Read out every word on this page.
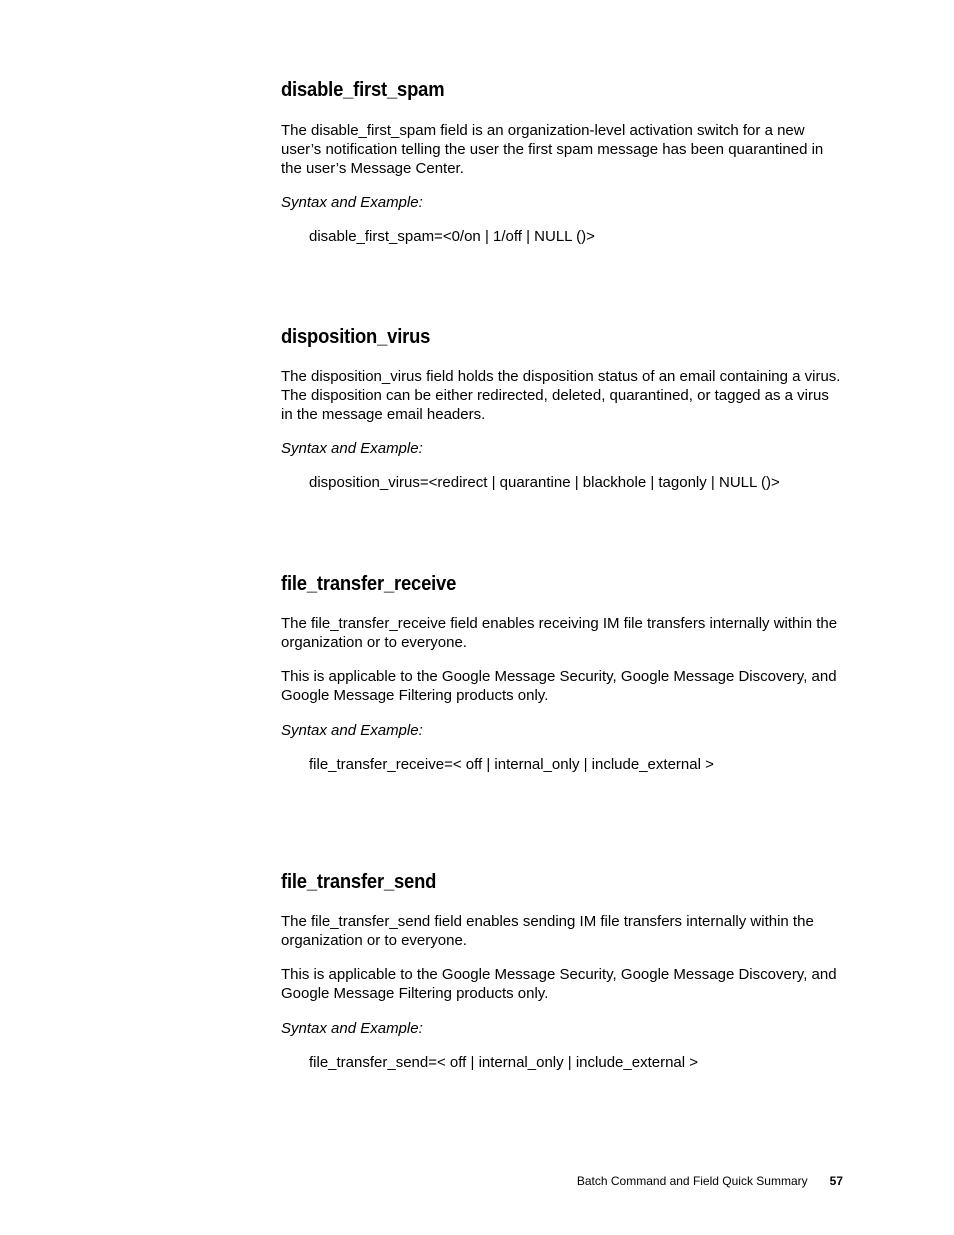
disable_first_spam

The disable_first_spam field is an organization-level activation switch for a new user’s notification telling the user the first spam message has been quarantined in the user’s Message Center.

Syntax and Example:

disable_first_spam=<0/on | 1/off | NULL ()>

disposition_virus

The disposition_virus field holds the disposition status of an email containing a virus. The disposition can be either redirected, deleted, quarantined, or tagged as a virus in the message email headers.

Syntax and Example:

disposition_virus=<redirect | quarantine | blackhole | tagonly | NULL ()>

file_transfer_receive

The file_transfer_receive field enables receiving IM file transfers internally within the organization or to everyone.

This is applicable to the Google Message Security, Google Message Discovery, and Google Message Filtering products only.

Syntax and Example:

file_transfer_receive=< off | internal_only | include_external >

file_transfer_send

The file_transfer_send field enables sending IM file transfers internally within the organization or to everyone.

This is applicable to the Google Message Security, Google Message Discovery, and Google Message Filtering products only.

Syntax and Example:

file_transfer_send=< off | internal_only | include_external >

Batch Command and Field Quick Summary 57
